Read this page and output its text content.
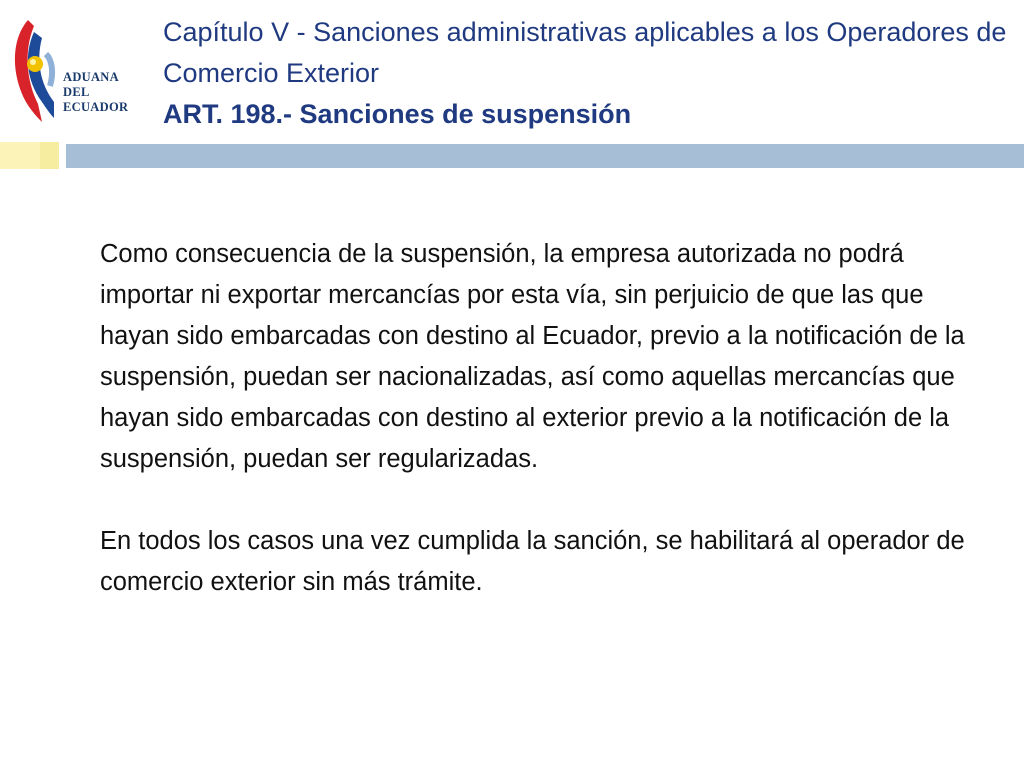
ADUANA
DEL
ECUADOR
Capítulo V - Sanciones administrativas aplicables a los Operadores de Comercio Exterior
ART. 198.- Sanciones de suspensión

Como consecuencia de la suspensión, la empresa autorizada no podrá importar ni exportar mercancías por esta vía, sin perjuicio de que las que hayan sido embarcadas con destino al Ecuador, previo a la notificación de la suspensión, puedan ser nacionalizadas, así como aquellas mercancías que hayan sido embarcadas con destino al exterior previo a la notificación de la suspensión, puedan ser regularizadas.

En todos los casos una vez cumplida la sanción, se habilitará al operador de comercio exterior sin más trámite.
